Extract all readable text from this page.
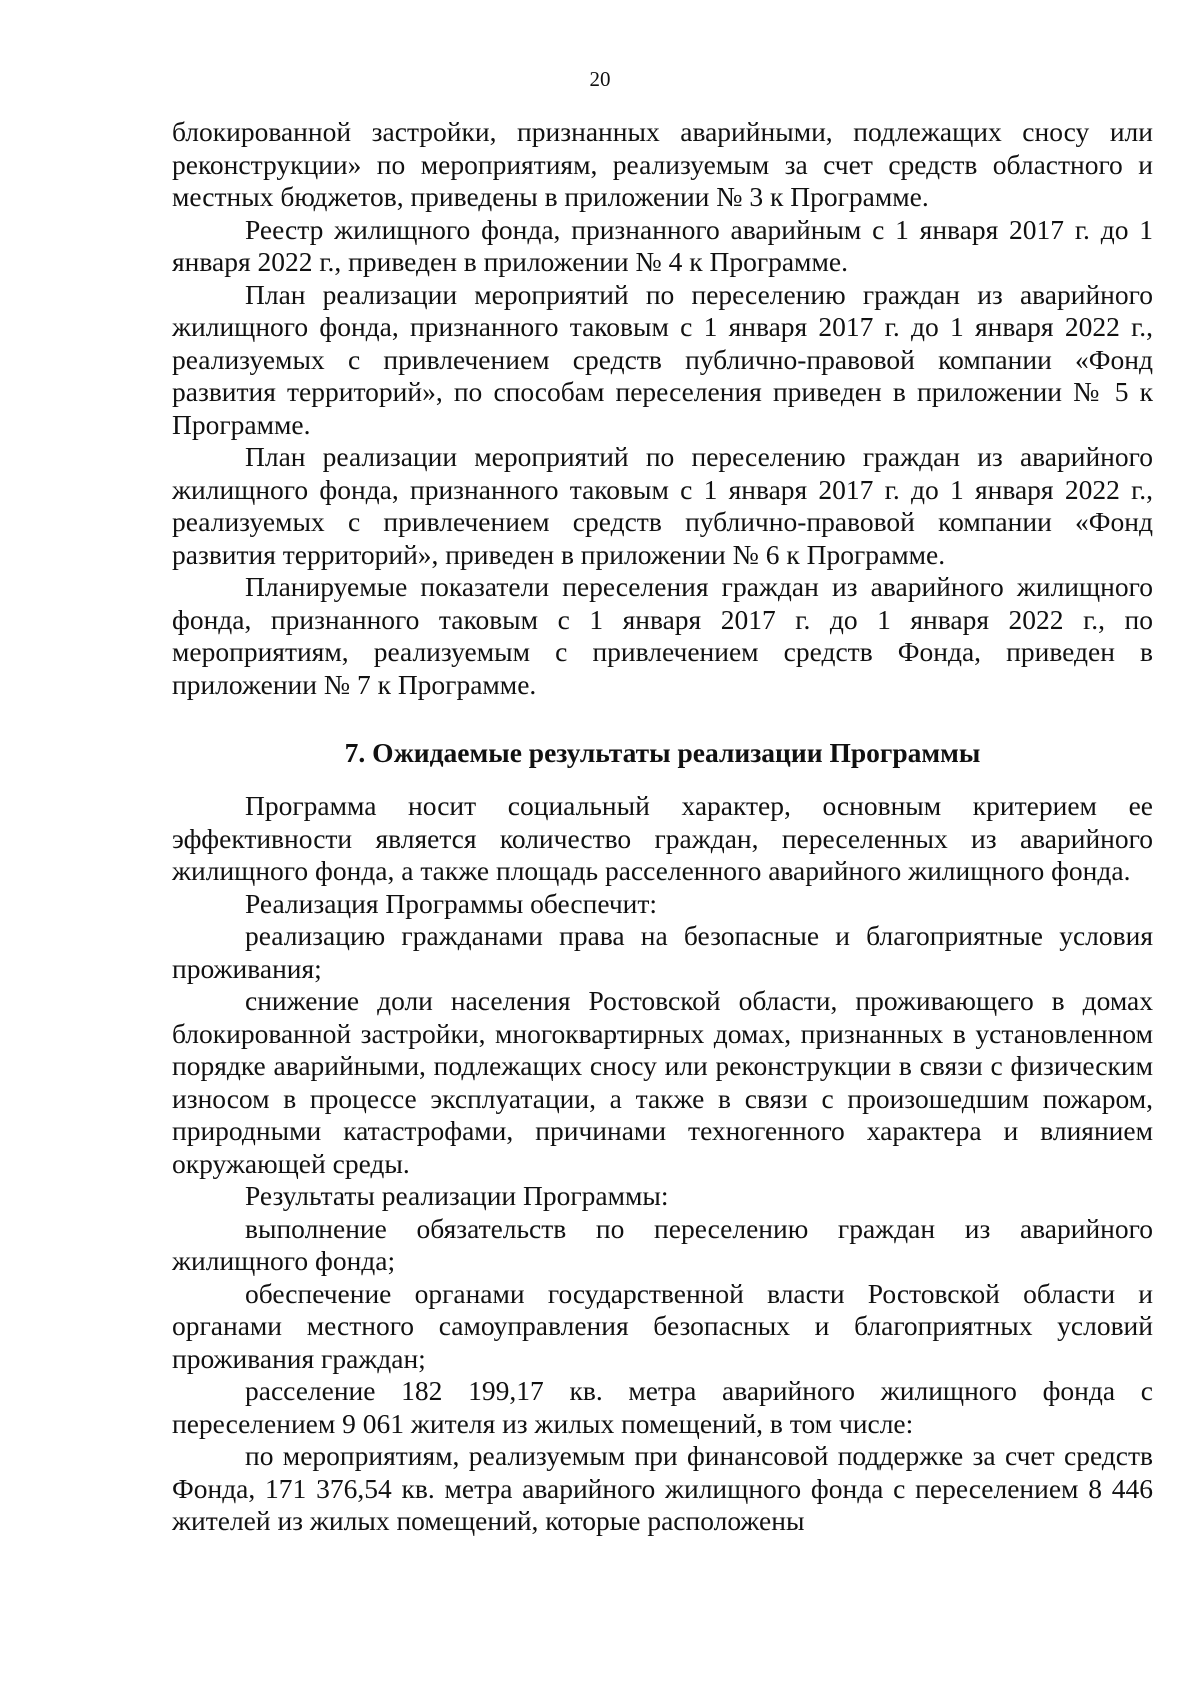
20

блокированной застройки, признанных аварийными, подлежащих сносу или реконструкции» по мероприятиям, реализуемым за счет средств областного и местных бюджетов, приведены в приложении № 3 к Программе.

Реестр жилищного фонда, признанного аварийным с 1 января 2017 г. до 1 января 2022 г., приведен в приложении № 4 к Программе.

План реализации мероприятий по переселению граждан из аварийного жилищного фонда, признанного таковым с 1 января 2017 г. до 1 января 2022 г., реализуемых с привлечением средств публично-правовой компании «Фонд развития территорий», по способам переселения приведен в приложении № 5 к Программе.

План реализации мероприятий по переселению граждан из аварийного жилищного фонда, признанного таковым с 1 января 2017 г. до 1 января 2022 г., реализуемых с привлечением средств публично-правовой компании «Фонд развития территорий», приведен в приложении № 6 к Программе.

Планируемые показатели переселения граждан из аварийного жилищного фонда, признанного таковым с 1 января 2017 г. до 1 января 2022 г., по мероприятиям, реализуемым с привлечением средств Фонда, приведен в приложении № 7 к Программе.

7. Ожидаемые результаты реализации Программы

Программа носит социальный характер, основным критерием ее эффективности является количество граждан, переселенных из аварийного жилищного фонда, а также площадь расселенного аварийного жилищного фонда.

Реализация Программы обеспечит:

реализацию гражданами права на безопасные и благоприятные условия проживания;

снижение доли населения Ростовской области, проживающего в домах блокированной застройки, многоквартирных домах, признанных в установленном порядке аварийными, подлежащих сносу или реконструкции в связи с физическим износом в процессе эксплуатации, а также в связи с произошедшим пожаром, природными катастрофами, причинами техногенного характера и влиянием окружающей среды.

Результаты реализации Программы:

выполнение обязательств по переселению граждан из аварийного жилищного фонда;

обеспечение органами государственной власти Ростовской области и органами местного самоуправления безопасных и благоприятных условий проживания граждан;

расселение 182 199,17 кв. метра аварийного жилищного фонда с переселением 9 061 жителя из жилых помещений, в том числе:

по мероприятиям, реализуемым при финансовой поддержке за счет средств Фонда, 171 376,54 кв. метра аварийного жилищного фонда с переселением 8 446 жителей из жилых помещений, которые расположены
